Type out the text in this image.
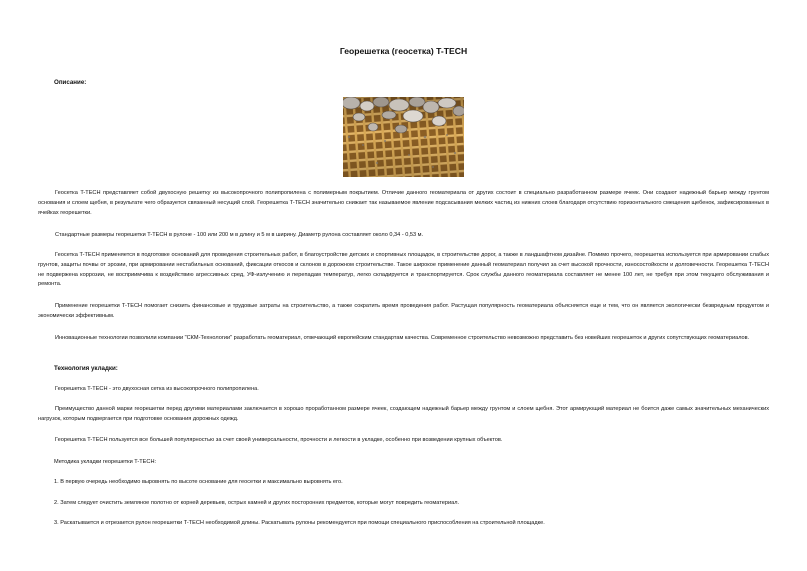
Георешетка (геосетка) T-TECH
Описание:

Геосетка T-TECH представляет собой двухосную решетку из высокопрочного полипропилена с полимерным покрытием. Отличие данного геоматериала от других состоит в специально разработанном размере ячеек. Они создают надежный барьер между грунтом основания и слоем щебня, в результате чего образуется связанный несущий слой. Георешетка T-TECH значительно снижает так называемое явление подсасывания мелких частиц из нижних слоев благодаря отсутствию горизонтального смещения щебенок, зафиксированных в ячейках георешетки.

Стандартные размеры георешетки T-TECH в рулоне - 100 или 200 м в длину и 5 м в ширину. Диаметр рулона составляет около 0,34 - 0,53 м.

Геосетка T-TECH применяется в подготовке оснований для проведения строительных работ, в благоустройстве детских и спортивных площадок, в строительстве дорог, а также в ландшафтном дизайне. Помимо прочего, георешетка используется при армировании слабых грунтов, защиты почвы от эрозии, при армировании нестабильных оснований, фиксации откосов и склонов в дорожном строительстве. Такое широкое применение данный геоматериал получил за счет высокой прочности, износостойкости и долговечности. Георешетка T-TECH не подвержена коррозии, не восприимчива к воздействию агрессивных сред, УФ-излучению и перепадам температур, легко складируется и транспортируется. Срок службы данного геоматериала составляет не менее 100 лет, не требуя при этом текущего обслуживания и ремонта.

Применение георешетки T-TECH помогает снизить финансовые и трудовые затраты на строительство, а также сократить время проведения работ. Растущая популярность геоматериала объясняется еще и тем, что он является экологически безвредным продуктом и экономически эффективным.

Инновационные технологии позволили компании "СКМ-Технологии" разработать геоматериал, отвечающий европейским стандартам качества. Современное строительство невозможно представить без новейших георешеток и других сопутствующих геоматериалов.

Технология укладки:

Георешетка T-TECH - это двухосная сетка из высокопрочного полипропилена.

Преимущество данной марки георешетки перед другими материалами заключается в хорошо проработанном размере ячеек, создающем надежный барьер между грунтом и слоем щебня. Этот армирующий материал не боится даже самых значительных механических нагрузок, которым подвергается при подготовке основания дорожных одежд.

Георешетка T-TECH пользуется все большей популярностью за счет своей универсальности, прочности и легкости в укладке, особенно при возведении крупных объектов.

Методика укладки георешетки T-TECH:
1. В первую очередь необходимо выровнять по высоте основание для геосетки и максимально выровнять его.
2. Затем следует очистить земляное полотно от корней деревьев, острых камней и других посторонних предметов, которые могут повредить геоматериал.
3. Раскатывается и отрезается рулон георешетки T-TECH необходимой длины. Раскатывать рулоны рекомендуется при помощи специального приспособления на строительной площадке.
